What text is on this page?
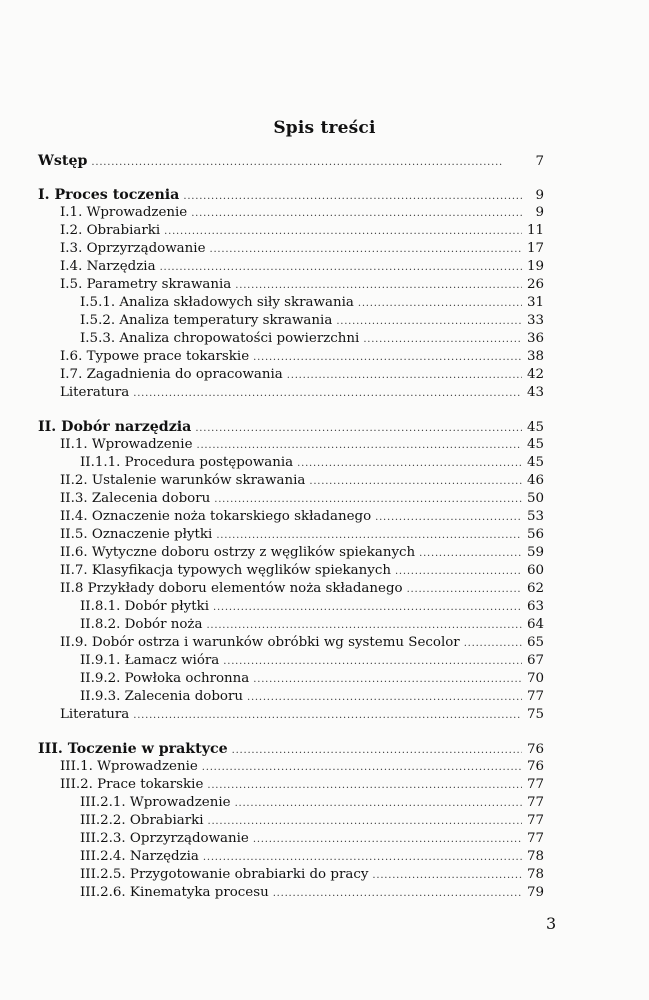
Spis treści
Wstęp . . .	7
I. Proces toczenia . . .	9
I.1. Wprowadzenie . . .	9
I.2. Obrabiarki . . .	11
I.3. Oprzyrządowanie . . .	17
I.4. Narzędzia . . .	19
I.5. Parametry skrawania . . .	26
I.5.1. Analiza składowych siły skrawania . . .	31
I.5.2. Analiza temperatury skrawania . . .	33
I.5.3. Analiza chropowatości powierzchni . . .	36
I.6. Typowe prace tokarskie . . .	38
I.7. Zagadnienia do opracowania . . .	42
Literatura . . .	43
II. Dobór narzędzia . . .	45
II.1. Wprowadzenie . . .	45
II.1.1. Procedura postępowania . . .	45
II.2. Ustalenie warunków skrawania . . .	46
II.3. Zalecenia doboru . . .	50
II.4. Oznaczenie noża tokarskiego składanego . . .	53
II.5. Oznaczenie płytki . . .	56
II.6. Wytyczne doboru ostrzy z węglików spiekanych . . .	59
II.7. Klasyfikacja typowych węglików spiekanych . . .	60
II.8 Przykłady doboru elementów noża składanego . . .	62
II.8.1. Dobór płytki . . .	63
II.8.2. Dobór noża . . .	64
II.9. Dobór ostrza i warunków obróbki wg systemu Secolor . . .	65
II.9.1. Łamacz wióra . . .	67
II.9.2. Powłoka ochronna . . .	70
II.9.3. Zalecenia doboru . . .	77
Literatura . . .	75
III. Toczenie w praktyce . . .	76
III.1. Wprowadzenie . . .	76
III.2. Prace tokarskie . . .	77
III.2.1. Wprowadzenie . . .	77
III.2.2. Obrabiarki . . .	77
III.2.3. Oprzyrządowanie . . .	77
III.2.4. Narzędzia . . .	78
III.2.5. Przygotowanie obrabiarki do pracy . . .	78
III.2.6. Kinematyka procesu . . .	79
3
